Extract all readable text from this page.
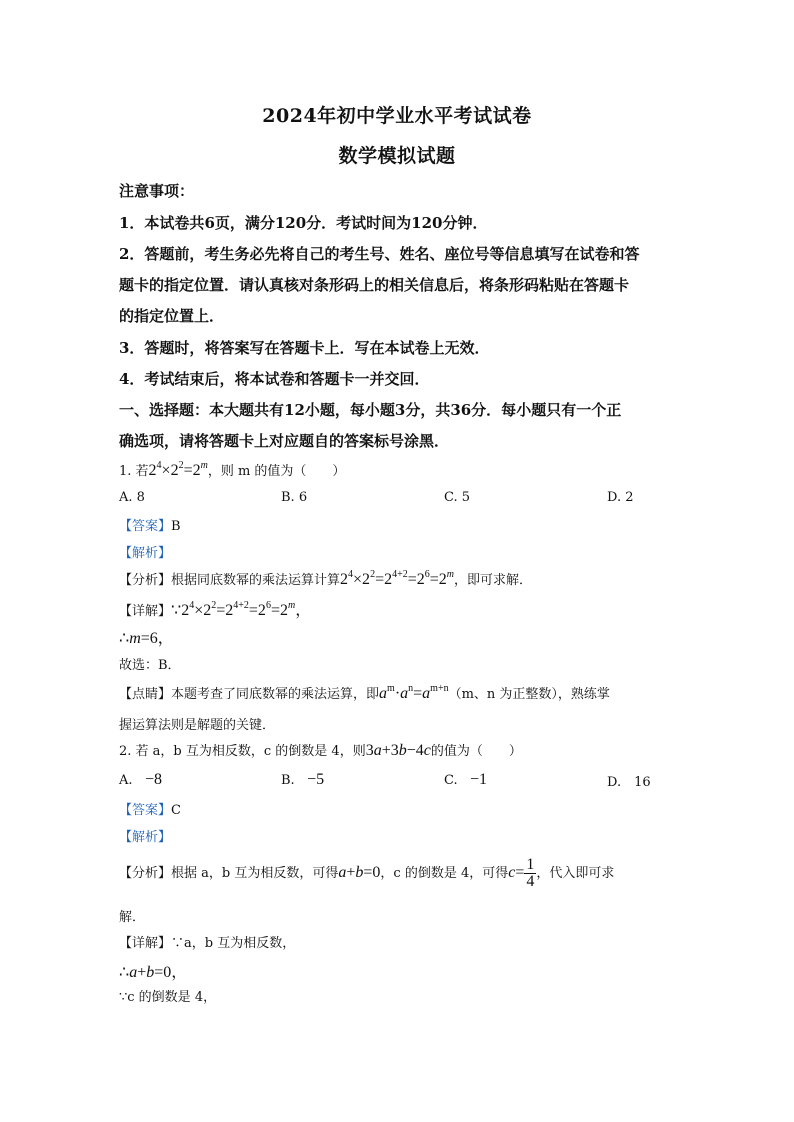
2024年初中学业水平考试试卷
数学模拟试题
注意事项：
1．本试卷共6页，满分120分．考试时间为120分钟．
2．答题前，考生务必先将自己的考生号、姓名、座位号等信息填写在试卷和答
题卡的指定位置．请认真核对条形码上的相关信息后，将条形码粘贴在答题卡
的指定位置上．
3．答题时，将答案写在答题卡上．写在本试卷上无效．
4．考试结束后，将本试卷和答题卡一并交回．
一、选择题：本大题共有12小题，每小题3分，共36分．每小题只有一个正
确选项，请将答题卡上对应题自的答案标号涂黑．
1. 若$2^4\times 2^2=2^m$，则 m 的值为（　　）
A. 8	B. 6	C. 5	D. 2
【答案】B
【解析】
【分析】根据同底数幂的乘法运算计算$2^4\times 2^2=2^{4+2}=2^6=2^m$，即可求解．
【详解】$\because 2^4\times 2^2=2^{4+2}=2^6=2^m$，
∴m=6，
故选：B．
【点睛】本题考查了同底数幂的乘法运算，即$a^m\cdot a^n=a^{m+n}(m$、n 为正整数），熟练掌
握运算法则是解题的关键．
2. 若 a，b 互为相反数，c 的倒数是 4，则3a+3b−4c的值为（　　）
A. −8	B. −5	C. −1	D.　16
【答案】C
【解析】
【分析】根据 a，b 互为相反数，可得a+b=0，c 的倒数是 4，可得$c= \frac{1}{4}$ ，代入即可求
解．
【详解】∵a，b 互为相反数，
∴a+b=0，
∵c 的倒数是 4，
